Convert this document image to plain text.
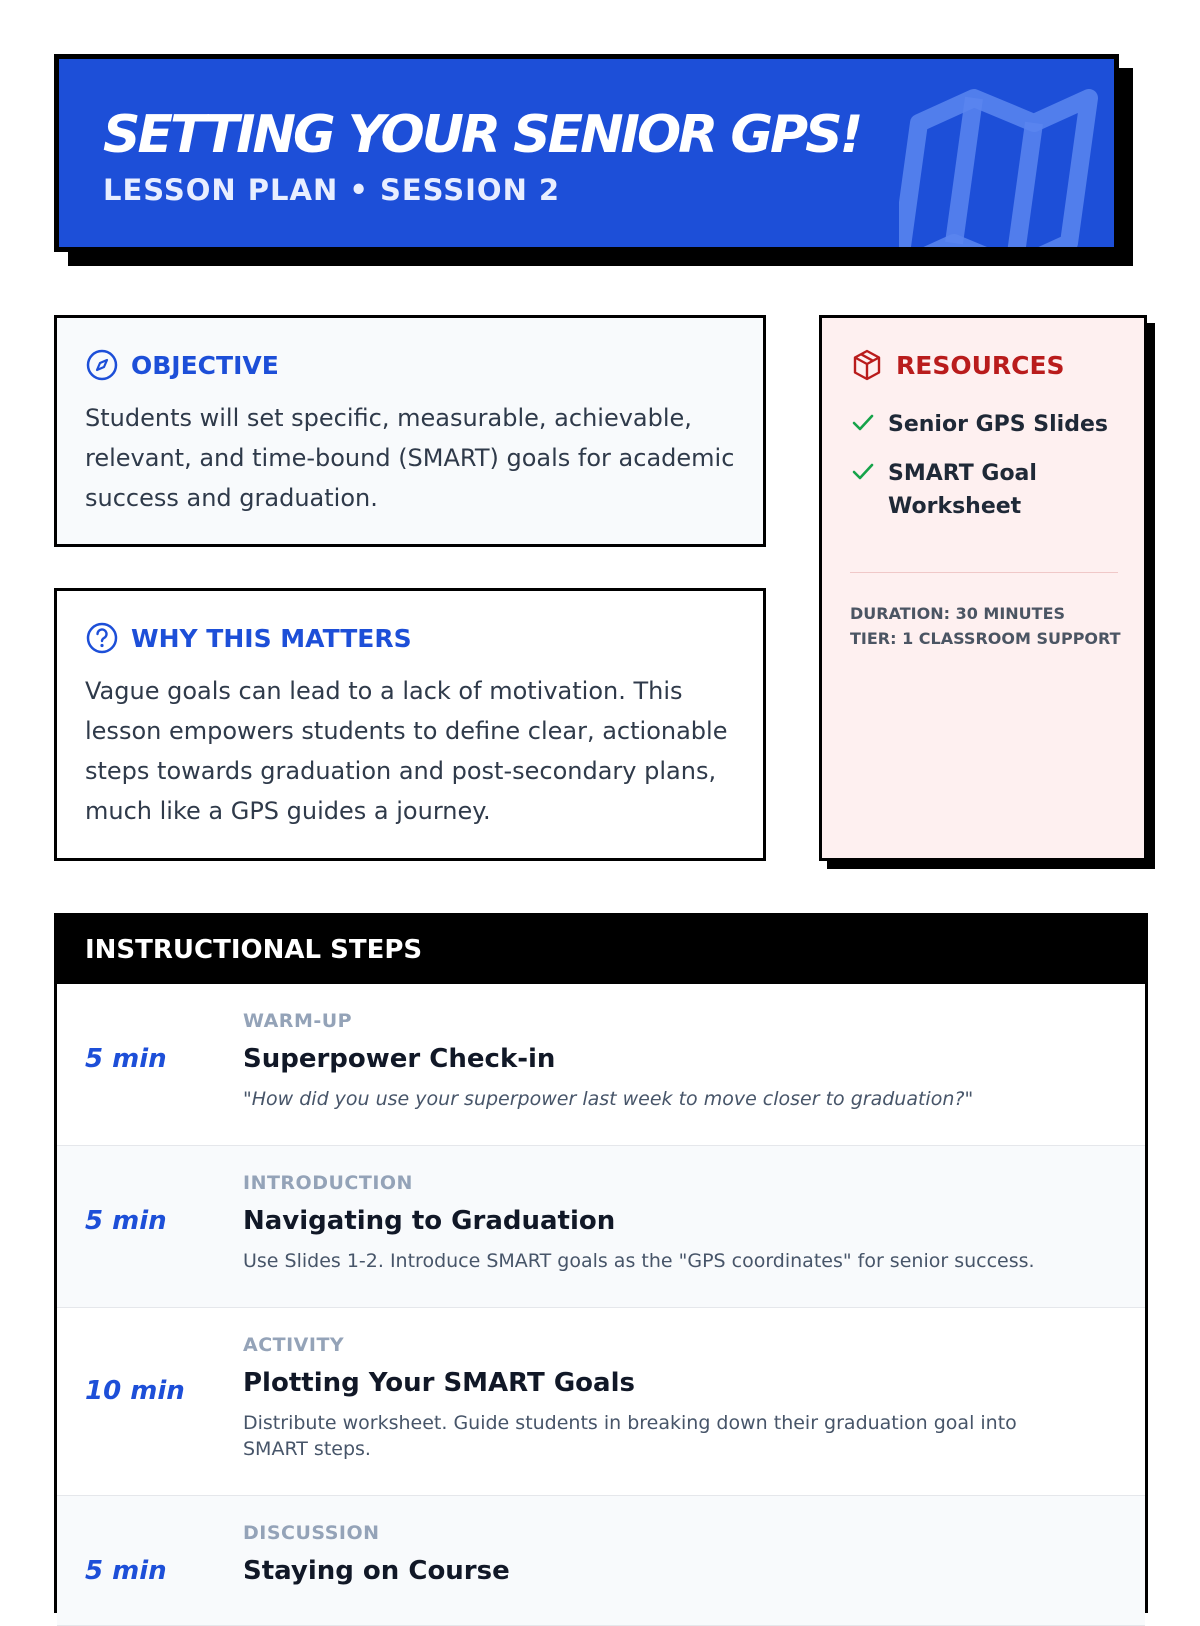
SETTING YOUR SENIOR GPS!

LESSON PLAN • SESSION 2

OBJECTIVE

Students will set specific, measurable, achievable, relevant, and time-bound (SMART) goals for academic success and graduation.

WHY THIS MATTERS

Vague goals can lead to a lack of motivation. This lesson empowers students to define clear, actionable steps towards graduation and post-secondary plans, much like a GPS guides a journey.

RESOURCES
Senior GPS Slides
SMART Goal Worksheet

DURATION: 30 MINUTES
TIER: 1 CLASSROOM SUPPORT

INSTRUCTIONAL STEPS
5 min
WARM-UP
Superpower Check-in
"How did you use your superpower last week to move closer to graduation?"
5 min
INTRODUCTION
Navigating to Graduation
Use Slides 1-2. Introduce SMART goals as the "GPS coordinates" for senior success.
10 min
ACTIVITY
Plotting Your SMART Goals
Distribute worksheet. Guide students in breaking down their graduation goal into SMART steps.
5 min
DISCUSSION
Staying on Course
